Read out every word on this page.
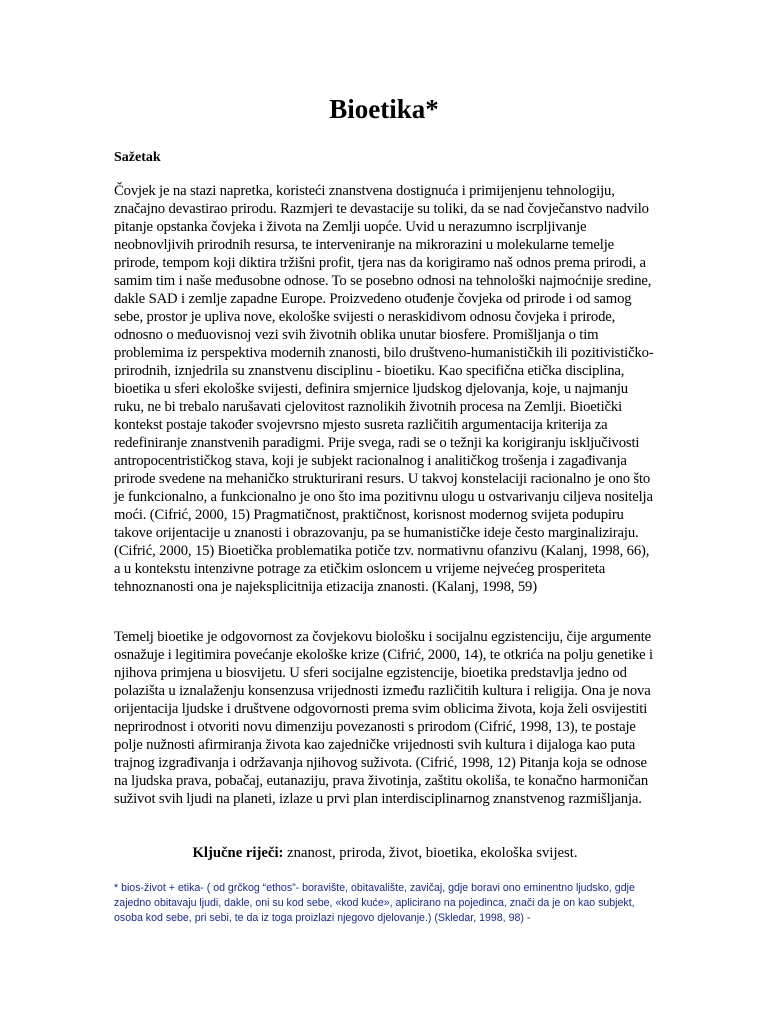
Bioetika*
Sažetak

Čovjek je na stazi napretka, koristeći znanstvena dostignuća i primijenjenu tehnologiju, značajno devastirao prirodu. Razmjeri te devastacije su toliki, da se nad čovječanstvo nadvilo pitanje opstanka čovjeka i života na Zemlji uopće. Uvid u nerazumno iscrpljivanje neobnovljivih prirodnih resursa, te interveniranje na mikrorazini u molekularne temelje prirode, tempom koji diktira tržišni profit, tjera nas da korigiramo naš odnos prema prirodi, a samim tim i naše međusobne odnose. To se posebno odnosi na tehnološki najmoćnije sredine, dakle SAD i zemlje zapadne Europe. Proizvedeno otuđenje čovjeka od prirode i od samog sebe, prostor je upliva nove, ekološke svijesti o neraskidivom odnosu čovjeka i prirode, odnosno o međuovisnoj vezi svih životnih oblika unutar biosfere. Promišljanja o tim problemima iz perspektiva modernih znanosti, bilo društveno-humanističkih ili pozitivističko-prirodnih, iznjedrila su znanstvenu disciplinu - bioetiku. Kao specifična etička disciplina, bioetika u sferi ekološke svijesti, definira smjernice ljudskog djelovanja, koje, u najmanju ruku, ne bi trebalo narušavati cjelovitost raznolikih životnih procesa na Zemlji. Bioetički kontekst postaje također svojevrsno mjesto susreta različitih argumentacija kriterija za redefiniranje znanstvenih paradigmi. Prije svega, radi se o težnji ka korigiranju isključivosti antropocentrističkog stava, koji je subjekt racionalnog i analitičkog trošenja i zagađivanja prirode svedene na mehaničko strukturirani resurs. U takvoj konstelaciji racionalno je ono što je funkcionalno, a funkcionalno je ono što ima pozitivnu ulogu u ostvarivanju ciljeva nositelja moći. (Cifrić, 2000, 15) Pragmatičnost, praktičnost, korisnost modernog svijeta podupiru takove orijentacije u znanosti i obrazovanju, pa se humanističke ideje često marginaliziraju. (Cifrić, 2000, 15) Bioetička problematika potiče tzv. normativnu ofanzivu (Kalanj, 1998, 66), a u kontekstu intenzivne potrage za etičkim osloncem u vrijeme nejvećeg prosperiteta tehnoznanosti ona je najeksplicitnija etizacija znanosti. (Kalanj, 1998, 59)

Temelj bioetike je odgovornost za čovjekovu biološku i socijalnu egzistenciju, čije argumente osnažuje i legitimira povećanje ekološke krize (Cifrić, 2000, 14), te otkrića na polju genetike i njihova primjena u biosvijetu. U sferi socijalne egzistencije, bioetika predstavlja jedno od polazišta u iznalaženju konsenzusa vrijednosti između različitih kultura i religija. Ona je nova orijentacija ljudske i društvene odgovornosti prema svim oblicima života, koja želi osvijestiti neprirodnost i otvoriti novu dimenziju povezanosti s prirodom (Cifrić, 1998, 13), te postaje polje nužnosti afirmiranja života kao zajedničke vrijednosti svih kultura i dijaloga kao puta trajnog izgrađivanja i održavanja njihovog suživota. (Cifrić, 1998, 12) Pitanja koja se odnose na ljudska prava, pobačaj, eutanaziju, prava životinja, zaštitu okoliša, te konačno harmoničan suživot svih ljudi na planeti, izlaze u prvi plan interdisciplinarnog znanstvenog razmišljanja.

Ključne riječi: znanost, priroda, život, bioetika, ekološka svijest.

* bios-život + etika- ( od grčkog “ethos”- boravište, obitavalište, zavičaj, gdje boravi ono eminentno ljudsko, gdje zajedno obitavaju ljudi, dakle, oni su kod sebe, «kod kuće», aplicirano na pojedinca, znači da je on kao subjekt, osoba kod sebe, pri sebi, te da iz toga proizlazi njegovo djelovanje.) (Skledar, 1998, 98) -
